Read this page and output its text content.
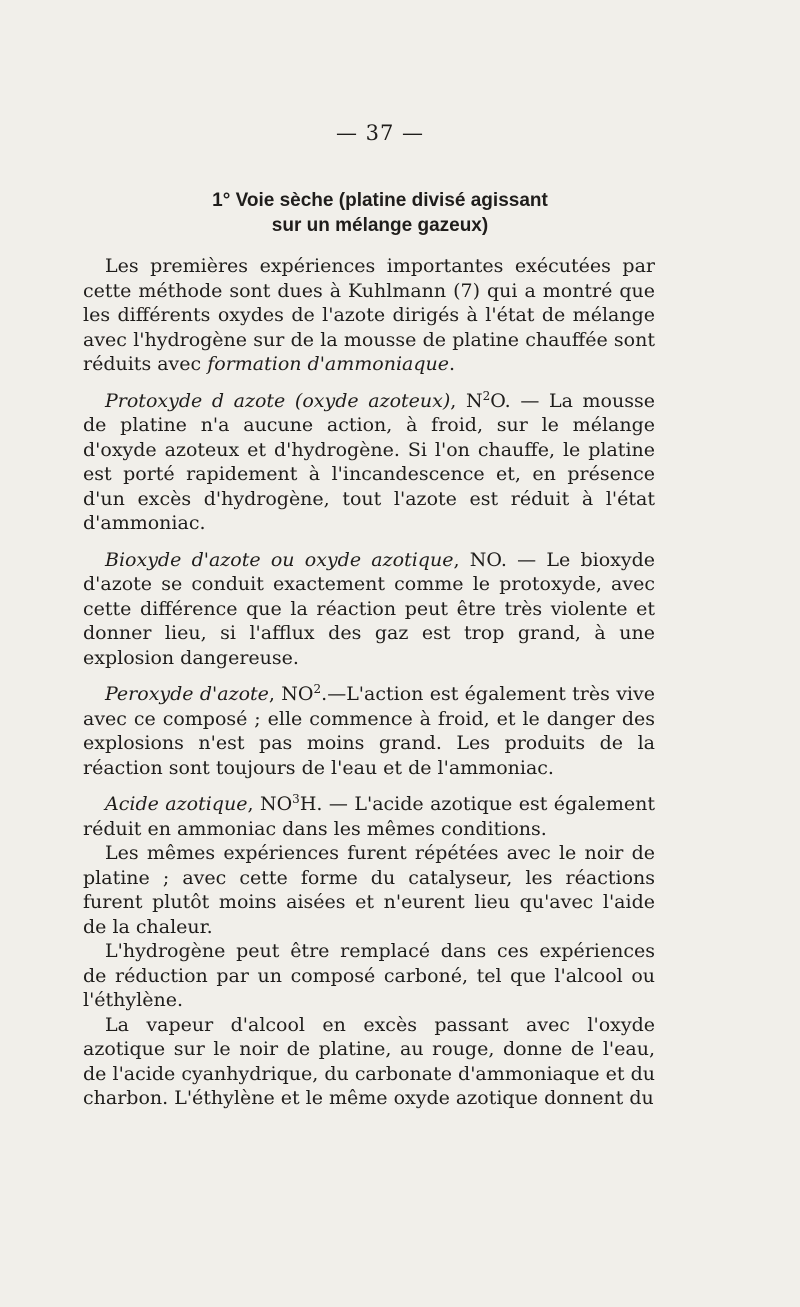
— 37 —
1° Voie sèche (platine divisé agissant
sur un mélange gazeux)

Les premières expériences importantes exécutées par cette méthode sont dues à Kuhlmann (7) qui a montré que les différents oxydes de l'azote dirigés à l'état de mélange avec l'hydrogène sur de la mousse de platine chauffée sont réduits avec formation d'ammoniaque.

Protoxyde d azote (oxyde azoteux), $N^2O$. — La mousse de platine n'a aucune action, à froid, sur le mélange d'oxyde azoteux et d'hydrogène. Si l'on chauffe, le platine est porté rapidement à l'incandescence et, en présence d'un excès d'hydrogène, tout l'azote est réduit à l'état d'ammoniac.

Bioxyde d'azote ou oxyde azotique, NO. — Le bioxyde d'azote se conduit exactement comme le protoxyde, avec cette différence que la réaction peut être très violente et donner lieu, si l'afflux des gaz est trop grand, à une explosion dangereuse.

Peroxyde d'azote, $NO^2.—L'action$ est également très vive avec ce composé ; elle commence à froid, et le danger des explosions n'est pas moins grand. Les produits de la réaction sont toujours de l'eau et de l'ammoniac.

Acide azotique, $NO^3H$. — L'acide azotique est également réduit en ammoniac dans les mêmes conditions.

Les mêmes expériences furent répétées avec le noir de platine ; avec cette forme du catalyseur, les réactions furent plutôt moins aisées et n'eurent lieu qu'avec l'aide de la chaleur.

L'hydrogène peut être remplacé dans ces expériences de réduction par un composé carboné, tel que l'alcool ou l'éthylène.

La vapeur d'alcool en excès passant avec l'oxyde azotique sur le noir de platine, au rouge, donne de l'eau, de l'acide cyanhydrique, du carbonate d'ammoniaque et du charbon. L'éthylène et le même oxyde azotique donnent du
